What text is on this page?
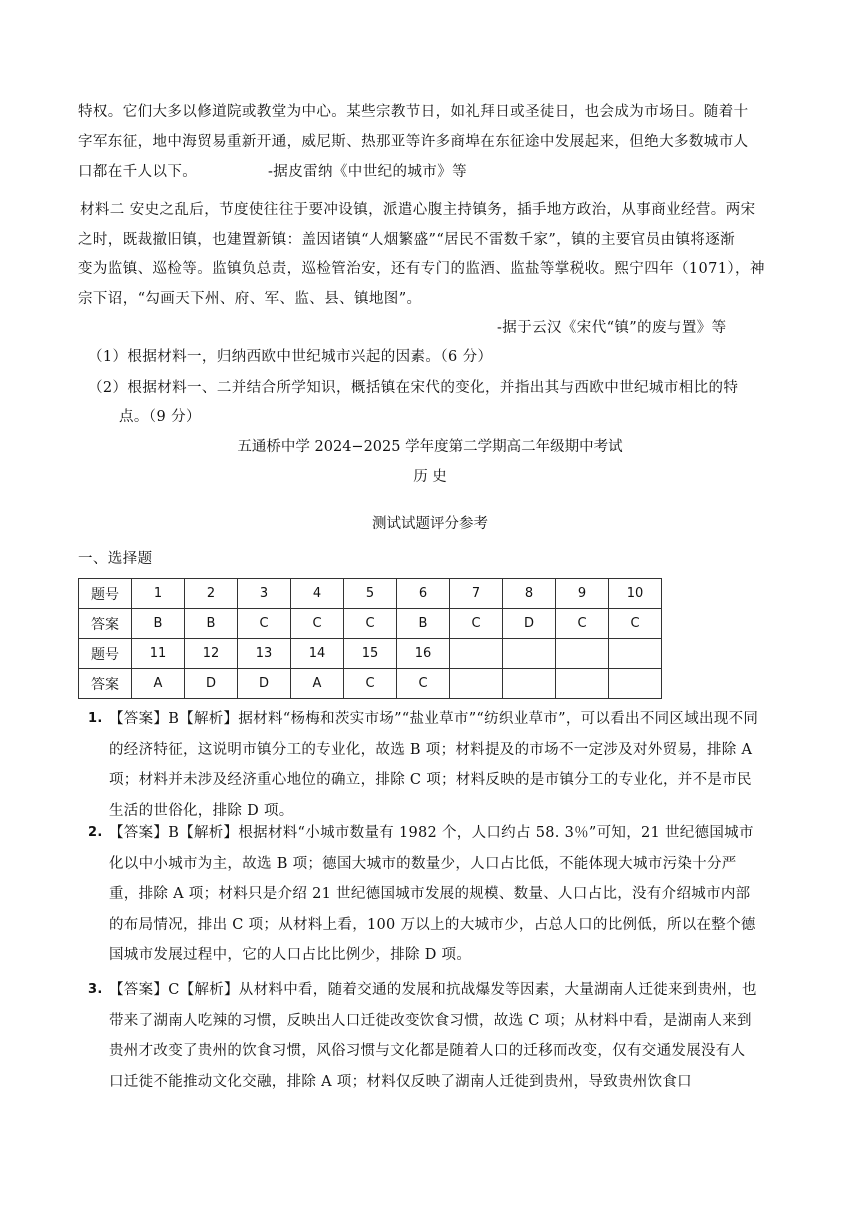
特权。它们大多以修道院或教堂为中心。某些宗教节日，如礼拜日或圣徒日，也会成为市场日。随着十
字军东征，地中海贸易重新开通，威尼斯、热那亚等许多商埠在东征途中发展起来，但绝大多数城市人
口都在千人以下。	-据皮雷纳《中世纪的城市》等
材料二 安史之乱后，节度使往往于要冲设镇，派遣心腹主持镇务，插手地方政治，从事商业经营。两宋
之时，既裁撤旧镇，也建置新镇：盖因诸镇“人烟繁盛”“居民不雷数千家”，镇的主要官员由镇将逐渐
变为监镇、巡检等。监镇负总责，巡检管治安，还有专门的监酒、监盐等掌税收。熙宁四年（1071），神
宗下诏，“勾画天下州、府、军、监、县、镇地图”。
-据于云汉《宋代“镇”的废与置》等
（1）根据材料一，归纳西欧中世纪城市兴起的因素。（6 分）
（2）根据材料一、二并结合所学知识，概括镇在宋代的变化，并指出其与西欧中世纪城市相比的特
点。（9 分）
五通桥中学 2024−2025 学年度第二学期高二年级期中考试
历 史
测试试题评分参考
一、选择题
题号	1	2	3	4	5	6	7	8	9	10
答案	B	B	C	C	C	B	C	D	C	C
题号	11	12	13	14	15	16				
答案	A	D	D	A	C	C				
1. 【答案】B【解析】据材料“杨梅和茨实市场”“盐业草市”“纺织业草市”，可以看出不同区域出现不同的经济特征，这说明市镇分工的专业化，故选 B 项；材料提及的市场不一定涉及对外贸易，排除 A 项；材料并未涉及经济重心地位的确立，排除 C 项；材料反映的是市镇分工的专业化，并不是市民生活的世俗化，排除 D 项。
2. 【答案】B【解析】根据材料“小城市数量有 1982 个，人口约占 58. 3％”可知，21 世纪德国城市化以中小城市为主，故选 B 项；德国大城市的数量少，人口占比低，不能体现大城市污染十分严重，排除 A 项；材料只是介绍 21 世纪德国城市发展的规模、数量、人口占比，没有介绍城市内部的布局情况，排出 C 项；从材料上看，100 万以上的大城市少，占总人口的比例低，所以在整个德国城市发展过程中，它的人口占比比例少，排除 D 项。
3. 【答案】C【解析】从材料中看，随着交通的发展和抗战爆发等因素，大量湖南人迁徙来到贵州，也带来了湖南人吃辣的习惯，反映出人口迁徙改变饮食习惯，故选 C 项；从材料中看，是湖南人来到贵州才改变了贵州的饮食习惯，风俗习惯与文化都是随着人口的迁移而改变，仅有交通发展没有人口迁徙不能推动文化交融，排除 A 项；材料仅反映了湖南人迁徙到贵州，导致贵州饮食口
